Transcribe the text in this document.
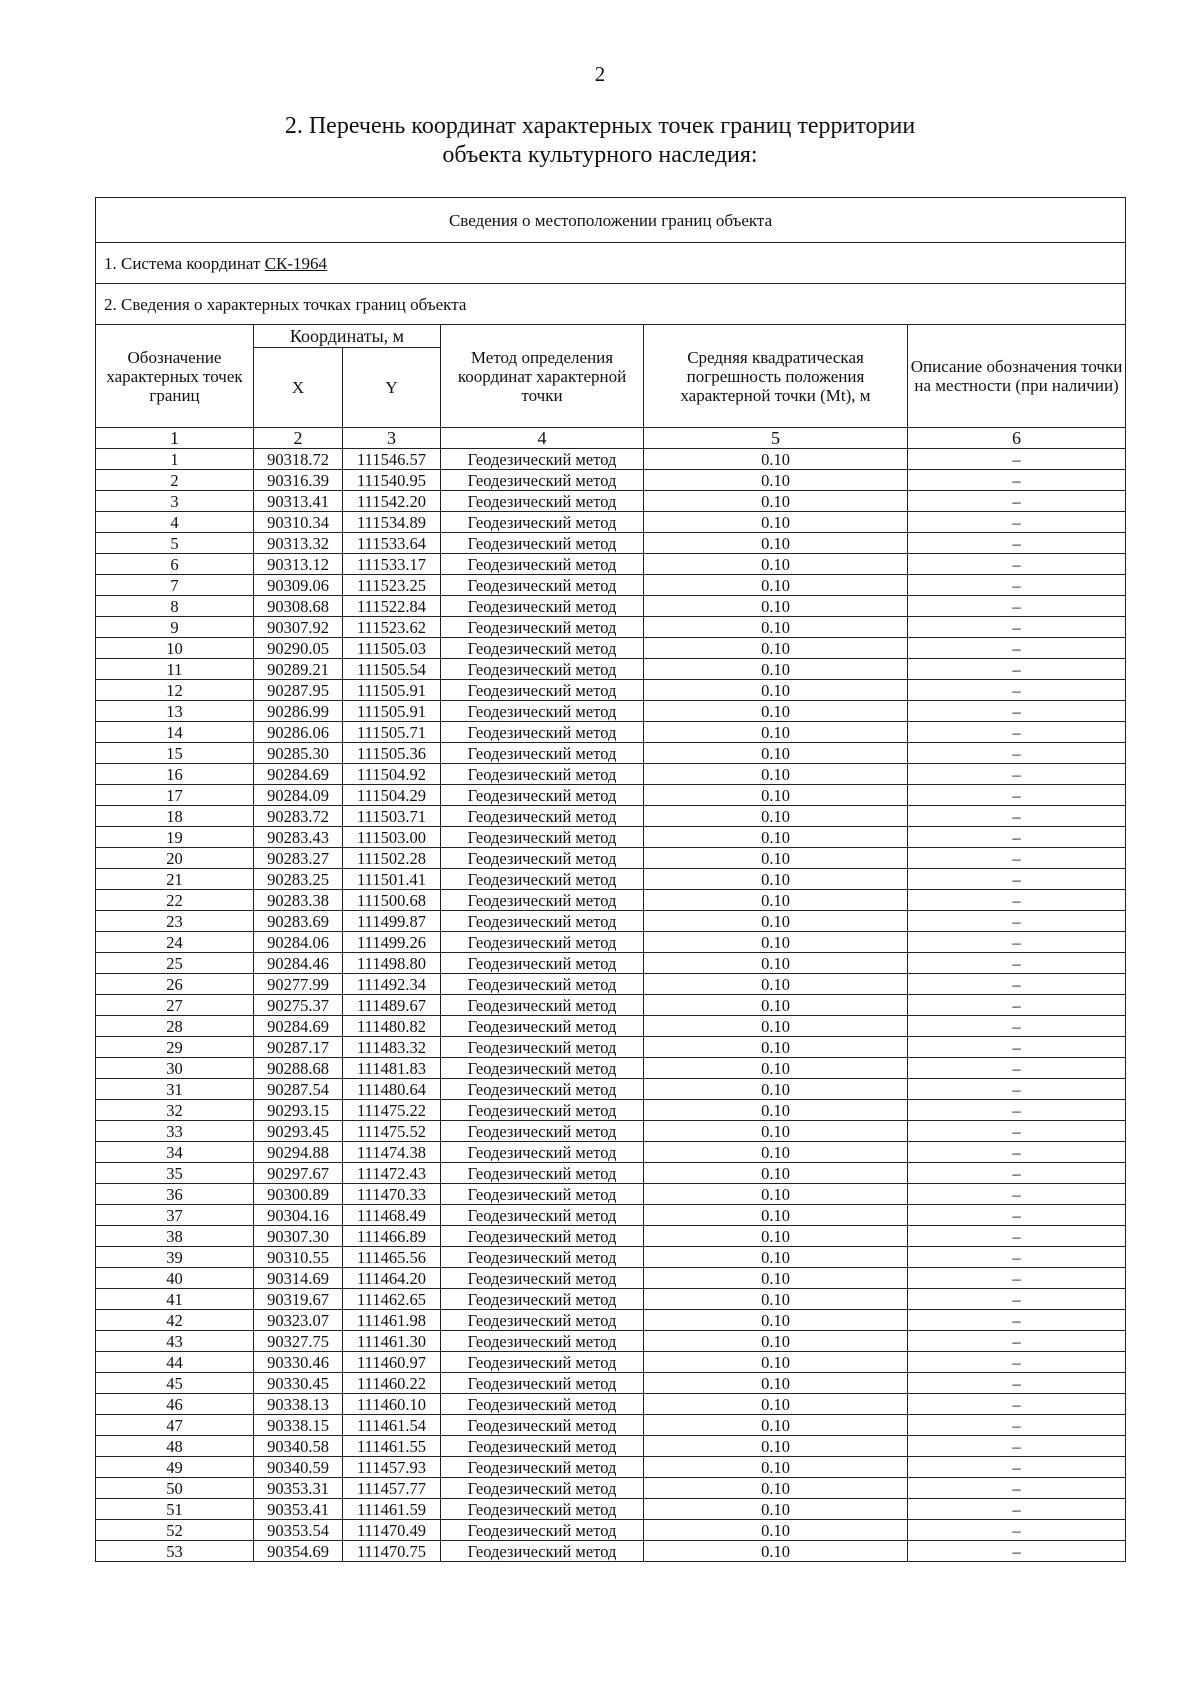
2
2. Перечень координат характерных точек границ территории
объекта культурного наследия:
Сведения о местоположении границ объекта					
1. Система координат СК-1964					
2. Сведения о характерных точках границ объекта					
Обозначение характерных точек границ	Координаты, м		Метод определения координат характерной точки	Средняя квадратическая погрешность положения характерной точки (Mt), м	Описание обозначения точки на местности (при наличии)
	X	Y			
1	2	3	4	5	6
1	90318.72	111546.57	Геодезический метод	0.10	–
2	90316.39	111540.95	Геодезический метод	0.10	–
3	90313.41	111542.20	Геодезический метод	0.10	–
4	90310.34	111534.89	Геодезический метод	0.10	–
5	90313.32	111533.64	Геодезический метод	0.10	–
6	90313.12	111533.17	Геодезический метод	0.10	–
7	90309.06	111523.25	Геодезический метод	0.10	–
8	90308.68	111522.84	Геодезический метод	0.10	–
9	90307.92	111523.62	Геодезический метод	0.10	–
10	90290.05	111505.03	Геодезический метод	0.10	–
11	90289.21	111505.54	Геодезический метод	0.10	–
12	90287.95	111505.91	Геодезический метод	0.10	–
13	90286.99	111505.91	Геодезический метод	0.10	–
14	90286.06	111505.71	Геодезический метод	0.10	–
15	90285.30	111505.36	Геодезический метод	0.10	–
16	90284.69	111504.92	Геодезический метод	0.10	–
17	90284.09	111504.29	Геодезический метод	0.10	–
18	90283.72	111503.71	Геодезический метод	0.10	–
19	90283.43	111503.00	Геодезический метод	0.10	–
20	90283.27	111502.28	Геодезический метод	0.10	–
21	90283.25	111501.41	Геодезический метод	0.10	–
22	90283.38	111500.68	Геодезический метод	0.10	–
23	90283.69	111499.87	Геодезический метод	0.10	–
24	90284.06	111499.26	Геодезический метод	0.10	–
25	90284.46	111498.80	Геодезический метод	0.10	–
26	90277.99	111492.34	Геодезический метод	0.10	–
27	90275.37	111489.67	Геодезический метод	0.10	–
28	90284.69	111480.82	Геодезический метод	0.10	–
29	90287.17	111483.32	Геодезический метод	0.10	–
30	90288.68	111481.83	Геодезический метод	0.10	–
31	90287.54	111480.64	Геодезический метод	0.10	–
32	90293.15	111475.22	Геодезический метод	0.10	–
33	90293.45	111475.52	Геодезический метод	0.10	–
34	90294.88	111474.38	Геодезический метод	0.10	–
35	90297.67	111472.43	Геодезический метод	0.10	–
36	90300.89	111470.33	Геодезический метод	0.10	–
37	90304.16	111468.49	Геодезический метод	0.10	–
38	90307.30	111466.89	Геодезический метод	0.10	–
39	90310.55	111465.56	Геодезический метод	0.10	–
40	90314.69	111464.20	Геодезический метод	0.10	–
41	90319.67	111462.65	Геодезический метод	0.10	–
42	90323.07	111461.98	Геодезический метод	0.10	–
43	90327.75	111461.30	Геодезический метод	0.10	–
44	90330.46	111460.97	Геодезический метод	0.10	–
45	90330.45	111460.22	Геодезический метод	0.10	–
46	90338.13	111460.10	Геодезический метод	0.10	–
47	90338.15	111461.54	Геодезический метод	0.10	–
48	90340.58	111461.55	Геодезический метод	0.10	–
49	90340.59	111457.93	Геодезический метод	0.10	–
50	90353.31	111457.77	Геодезический метод	0.10	–
51	90353.41	111461.59	Геодезический метод	0.10	–
52	90353.54	111470.49	Геодезический метод	0.10	–
53	90354.69	111470.75	Геодезический метод	0.10	–
